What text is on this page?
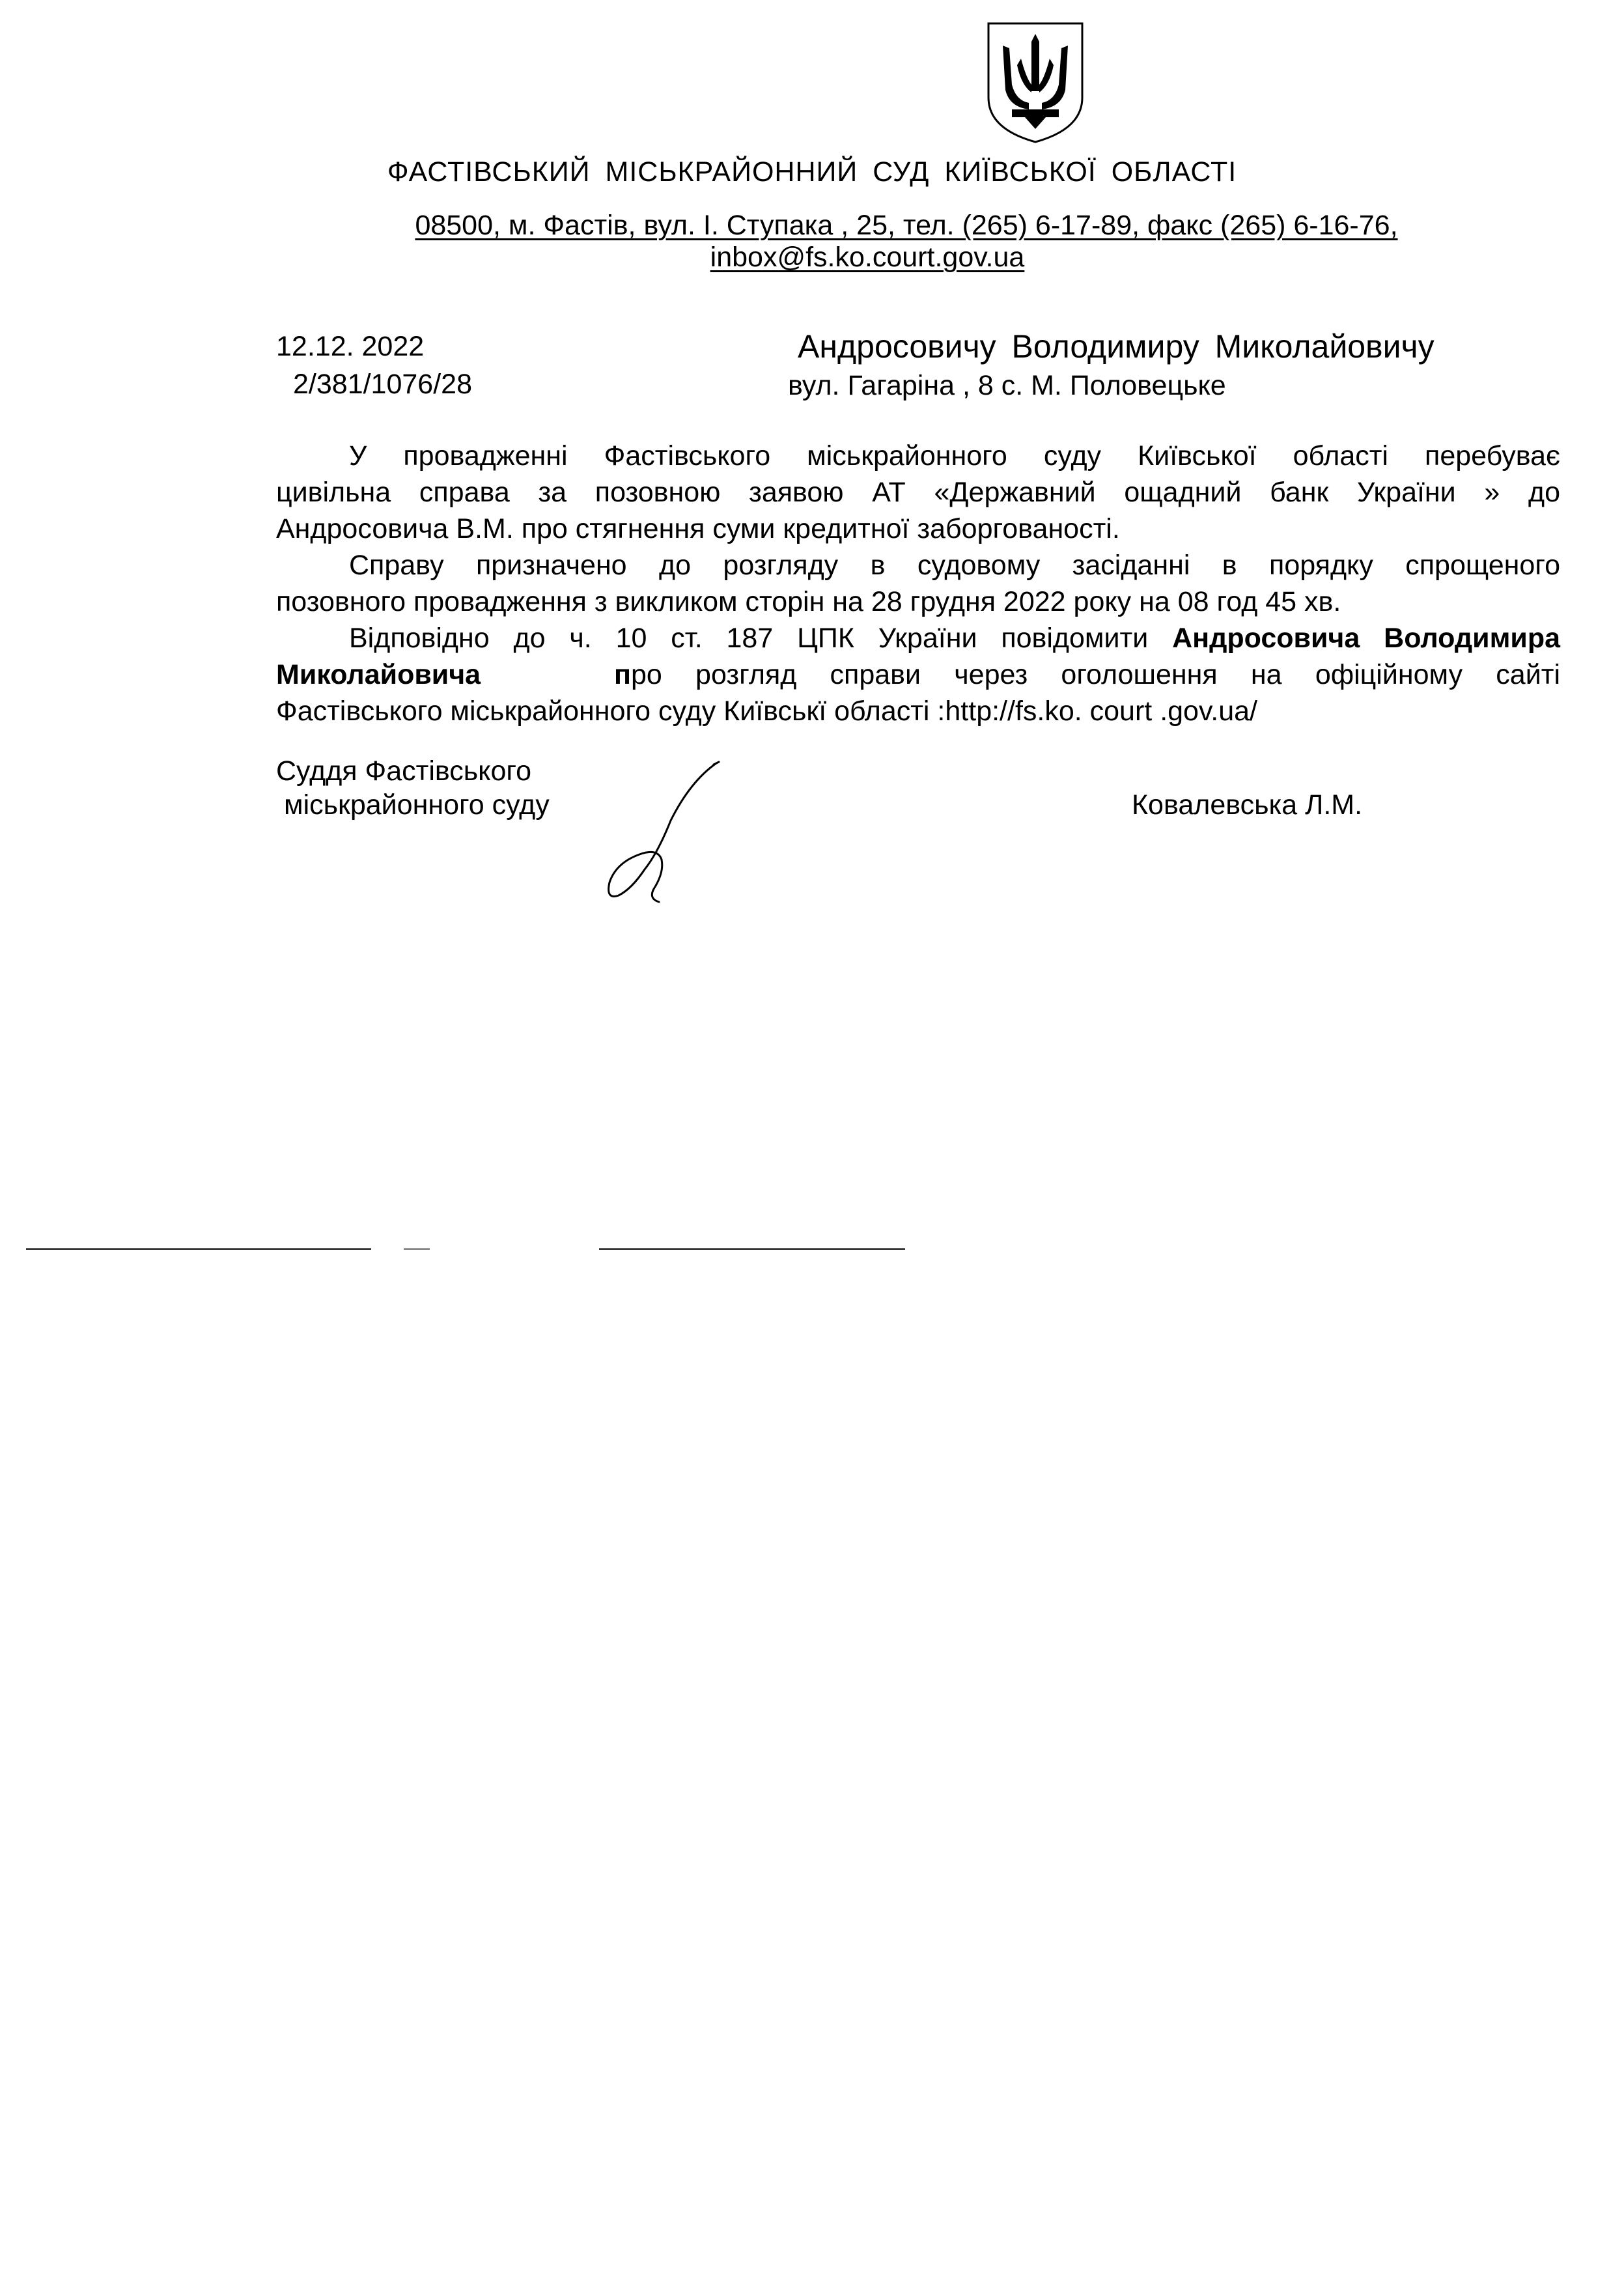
ФАСТІВСЬКИЙ МІСЬКРАЙОННИЙ СУД КИЇВСЬКОЇ ОБЛАСТІ
08500, м. Фастів, вул. І. Ступака , 25, тел. (265) 6-17-89, факс (265) 6-16-76,
inbox@fs.ko.court.gov.ua
12.12. 2022
2/381/1076/28
Андросовичу Володимиру Миколайовичу
вул. Гагаріна , 8 с. М. Половецьке
У провадженні Фастівського міськрайонного суду Київської області перебуває
цивільна справа за позовною заявою АТ «Державний ощадний банк України » до
Андросовича В.М. про стягнення суми кредитної заборгованості.
Справу призначено до розгляду в судовому засіданні в порядку спрощеного
позовного провадження з викликом сторін на 28 грудня 2022 року на 08 год 45 хв.
Відповідно до ч. 10 ст. 187 ЦПК України повідомити Андросовича Володимира
Миколайовича	про розгляд справи через оголошення на офіційному сайті
Фастівського міськрайонного суду Київськї області :http://fs.ko. court .gov.ua/
Суддя Фастівського
міськрайонного суду	Ковалевська Л.М.
